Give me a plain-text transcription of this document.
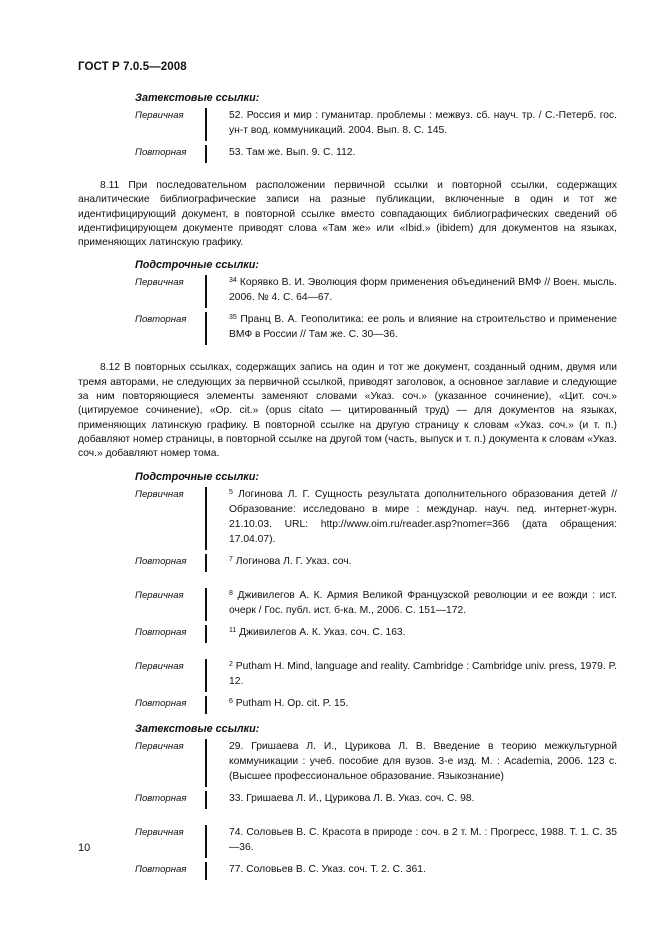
ГОСТ Р 7.0.5—2008
Затекстовые ссылки:
Первичная	52. Россия и мир : гуманитар. проблемы : межвуз. сб. науч. тр. / С.-Петерб. гос. ун-т вод. коммуникаций. 2004. Вып. 8. С. 145.
Повторная	53. Там же. Вып. 9. С. 112.
8.11 При последовательном расположении первичной ссылки и повторной ссылки, содержащих аналитические библиографические записи на разные публикации, включенные в один и тот же идентифицирующий документ, в повторной ссылке вместо совпадающих библиографических сведений об идентифицирующем документе приводят слова «Там же» или «Ibid.» (ibidem) для документов на языках, применяющих латинскую графику.
Подстрочные ссылки:
Первичная	$^{34}$ Корявко В. И. Эволюция форм применения объединений ВМФ // Воен. мысль. 2006. № 4. С. 64—67.
Повторная	$^{35}$ Пранц В. А. Геополитика: ее роль и влияние на строительство и применение ВМФ в России // Там же. С. 30—36.
8.12 В повторных ссылках, содержащих запись на один и тот же документ, созданный одним, двумя или тремя авторами, не следующих за первичной ссылкой, приводят заголовок, а основное заглавие и следующие за ним повторяющиеся элементы заменяют словами «Указ. соч.» (указанное сочинение), «Цит. соч.» (цитируемое сочинение), «Op. cit.» (opus citato — цитированный труд) — для документов на языках, применяющих латинскую графику. В повторной ссылке на другую страницу к словам «Указ. соч.» (и т. п.) добавляют номер страницы, в повторной ссылке на другой том (часть, выпуск и т. п.) документа к словам «Указ. соч.» добавляют номер тома.
Подстрочные ссылки:
Первичная	$^5$ Логинова Л. Г. Сущность результата дополнительного образования детей // Образование: исследовано в мире : междунар. науч. пед. интернет-журн. 21.10.03. URL: http://www.oim.ru/reader.asp?nomer=366 (дата обращения: 17.04.07).
Повторная	$^7$ Логинова Л. Г. Указ. соч.
Первичная	$^8$ Дживилегов А. К. Армия Великой Французской революции и ее вожди : ист. очерк / Гос. публ. ист. б-ка. М., 2006. С. 151—172.
Повторная	$^{11}$ Дживилегов А. К. Указ. соч. С. 163.
Первичная	$^2$ Putham H. Mind, language and reality. Cambridge : Cambridge univ. press, 1979. P. 12.
Повторная	$^6$ Putham H. Op. cit. P. 15.
Затекстовые ссылки:
Первичная	29. Гришаева Л. И., Цурикова Л. В. Введение в теорию межкультурной коммуникации : учеб. пособие для вузов. 3-е изд. М. : Academia, 2006. 123 с. (Высшее профессиональное образование. Языкознание)
Повторная	33. Гришаева Л. И., Цурикова Л. В. Указ. соч. С. 98.
Первичная	74. Соловьев В. С. Красота в природе : соч. в 2 т. М. : Прогресс, 1988. Т. 1. С. 35—36.
Повторная	77. Соловьев В. С. Указ. соч. Т. 2. С. 361.
10
